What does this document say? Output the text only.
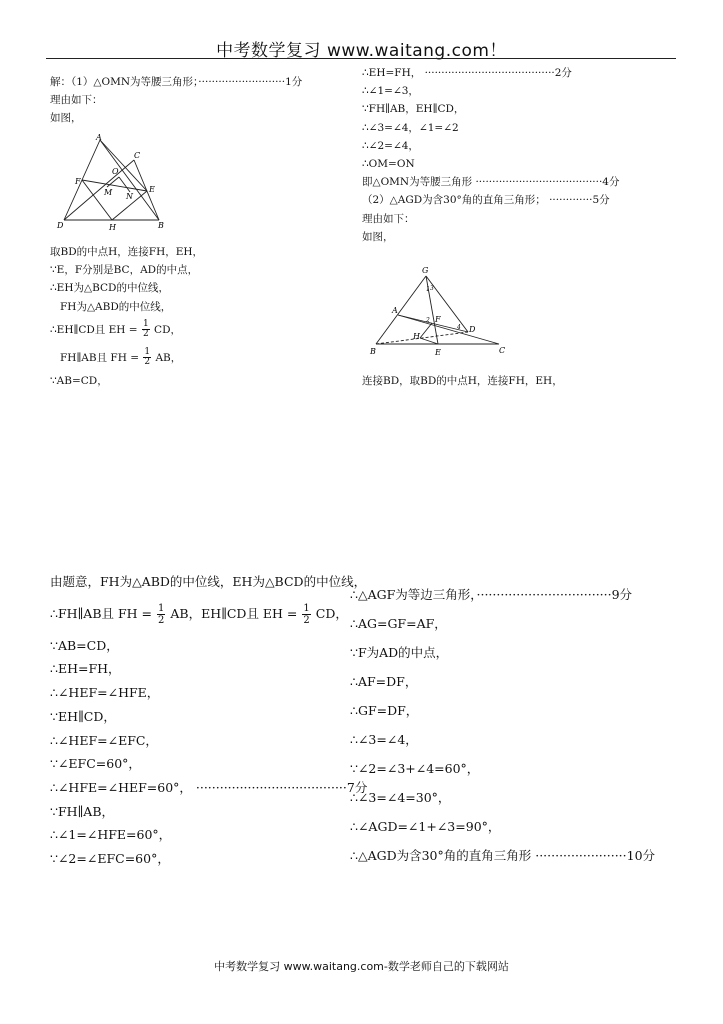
中考数学复习 www.waitang.com！
解：（1）△OMN为等腰三角形；··························1分
理由如下：
如图，
A
C
O
F
E
M N
D	H	B
取BD的中点H，连接FH，EH，
∵E，F分别是BC，AD的中点，
∴EH为△BCD的中位线，
FH为△ABD的中位线，
∴EH∥CD且 EH = $\frac{1}{2}$ CD，
FH∥AB且 FH = $\frac{1}{2}$ AB，
∵AB=CD，
∴EH=FH， ·······································2分
∴∠1=∠3，
∵FH∥AB，EH∥CD，
∴∠3=∠4，∠1=∠2
∴∠2=∠4，
∴OM=ON
即△OMN为等腰三角形 ······································4分
（2）△AGD为含30°角的直角三角形； ·············5分
理由如下：
如图，
G
A
F
D
H
B	E	C
1
2
3
4
连接BD，取BD的中点H，连接FH，EH，
由题意，FH为△ABD的中位线，EH为△BCD的中位线，
∴FH∥AB且 FH = $\frac{1}{2}$ AB，EH∥CD且 EH = $\frac{1}{2}$ CD，
∵AB=CD，
∴EH=FH，
∴∠HEF=∠HFE，
∵EH∥CD，
∴∠HEF=∠EFC，
∵∠EFC=60°，
∴∠HFE=∠HEF=60°， ······································7分
∵FH∥AB，
∴∠1=∠HFE=60°，
∵∠2=∠EFC=60°，
∴△AGF为等边三角形，··································9分
∴AG=GF=AF，
∵F为AD的中点，
∴AF=DF，
∴GF=DF，
∴∠3=∠4，
∵∠2=∠3+∠4=60°，
∴∠3=∠4=30°，
∴∠AGD=∠1+∠3=90°，
∴△AGD为含30°角的直角三角形 ·······················10分
中考数学复习 www.waitang.com-数学老师自己的下载网站
